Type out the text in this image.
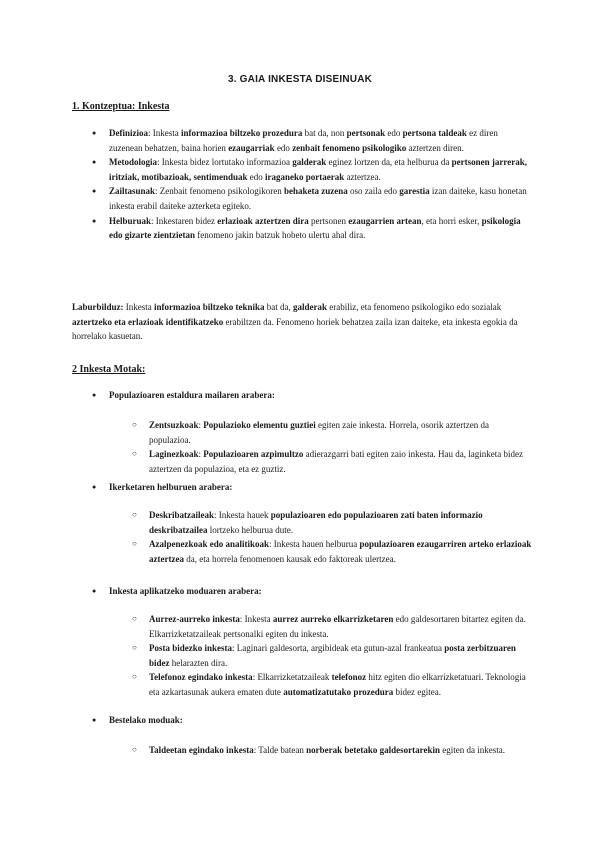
3. GAIA INKESTA DISEINUAK
1. Kontzeptua: Inkesta
● Definizioa: Inkesta informazioa biltzeko prozedura bat da, non pertsonak edo pertsona taldeak ez diren zuzenean behatzen, baina horien ezaugarriak edo zenbait fenomeno psikologiko aztertzen diren.
● Metodologia: Inkesta bidez lortutako informazioa galderak eginez lortzen da, eta helburua da pertsonen jarrerak, iritziak, motibazioak, sentimenduak edo iraganeko portaerak aztertzea.
● Zailtasunak: Zenbait fenomeno psikologikoren behaketa zuzena oso zaila edo garestia izan daiteke, kasu honetan inkesta erabil daiteke azterketa egiteko.
● Helburuak: Inkestaren bidez erlazioak aztertzen dira pertsonen ezaugarrien artean, eta horri esker, psikologia edo gizarte zientzietan fenomeno jakin batzuk hobeto ulertu ahal dira.

Laburbilduz: Inkesta informazioa biltzeko teknika bat da, galderak erabiliz, eta fenomeno psikologiko edo sozialak aztertzeko eta erlazioak identifikatzeko erabiltzen da. Fenomeno horiek behatzea zaila izan daiteke, eta inkesta egokia da horrelako kasuetan.

2 Inkesta Motak:
● Populazioaren estaldura mailaren arabera:
○ Zentsuzkoak: Populazioko elementu guztiei egiten zaie inkesta. Horrela, osorik aztertzen da populazioa.
○ Laginezkoak: Populazioaren azpimultzo adierazgarri bati egiten zaio inkesta. Hau da, laginketa bidez aztertzen da populazioa, eta ez guztiz.
● Ikerketaren helburuen arabera:
○ Deskribatzaileak: Inkesta hauek populazioaren edo populazioaren zati baten informazio deskribatzailea lortzeko helburua dute.
○ Azalpenezkoak edo analitikoak: Inkesta hauen helburua populazioaren ezaugarriren arteko erlazioak aztertzea da, eta horrela fenomenoen kausak edo faktoreak ulertzea.
● Inkesta aplikatzeko moduaren arabera:
○ Aurrez-aurreko inkesta: Inkesta aurrez aurreko elkarrizketaren edo galdesortaren bitartez egiten da. Elkarrizketatzaileak pertsonalki egiten du inkesta.
○ Posta bidezko inkesta: Laginari galdesorta, argibideak eta gutun-azal frankeatua posta zerbitzuaren bidez helarazten dira.
○ Telefonoz egindako inkesta: Elkarrizketatzaileak telefonoz hitz egiten dio elkarrizketatuari. Teknologia eta azkartasunak aukera ematen dute automatizatutako prozedura bidez egitea.
● Bestelako moduak:
○ Taldeetan egindako inkesta: Talde batean norberak betetako galdesortarekin egiten da inkesta.
